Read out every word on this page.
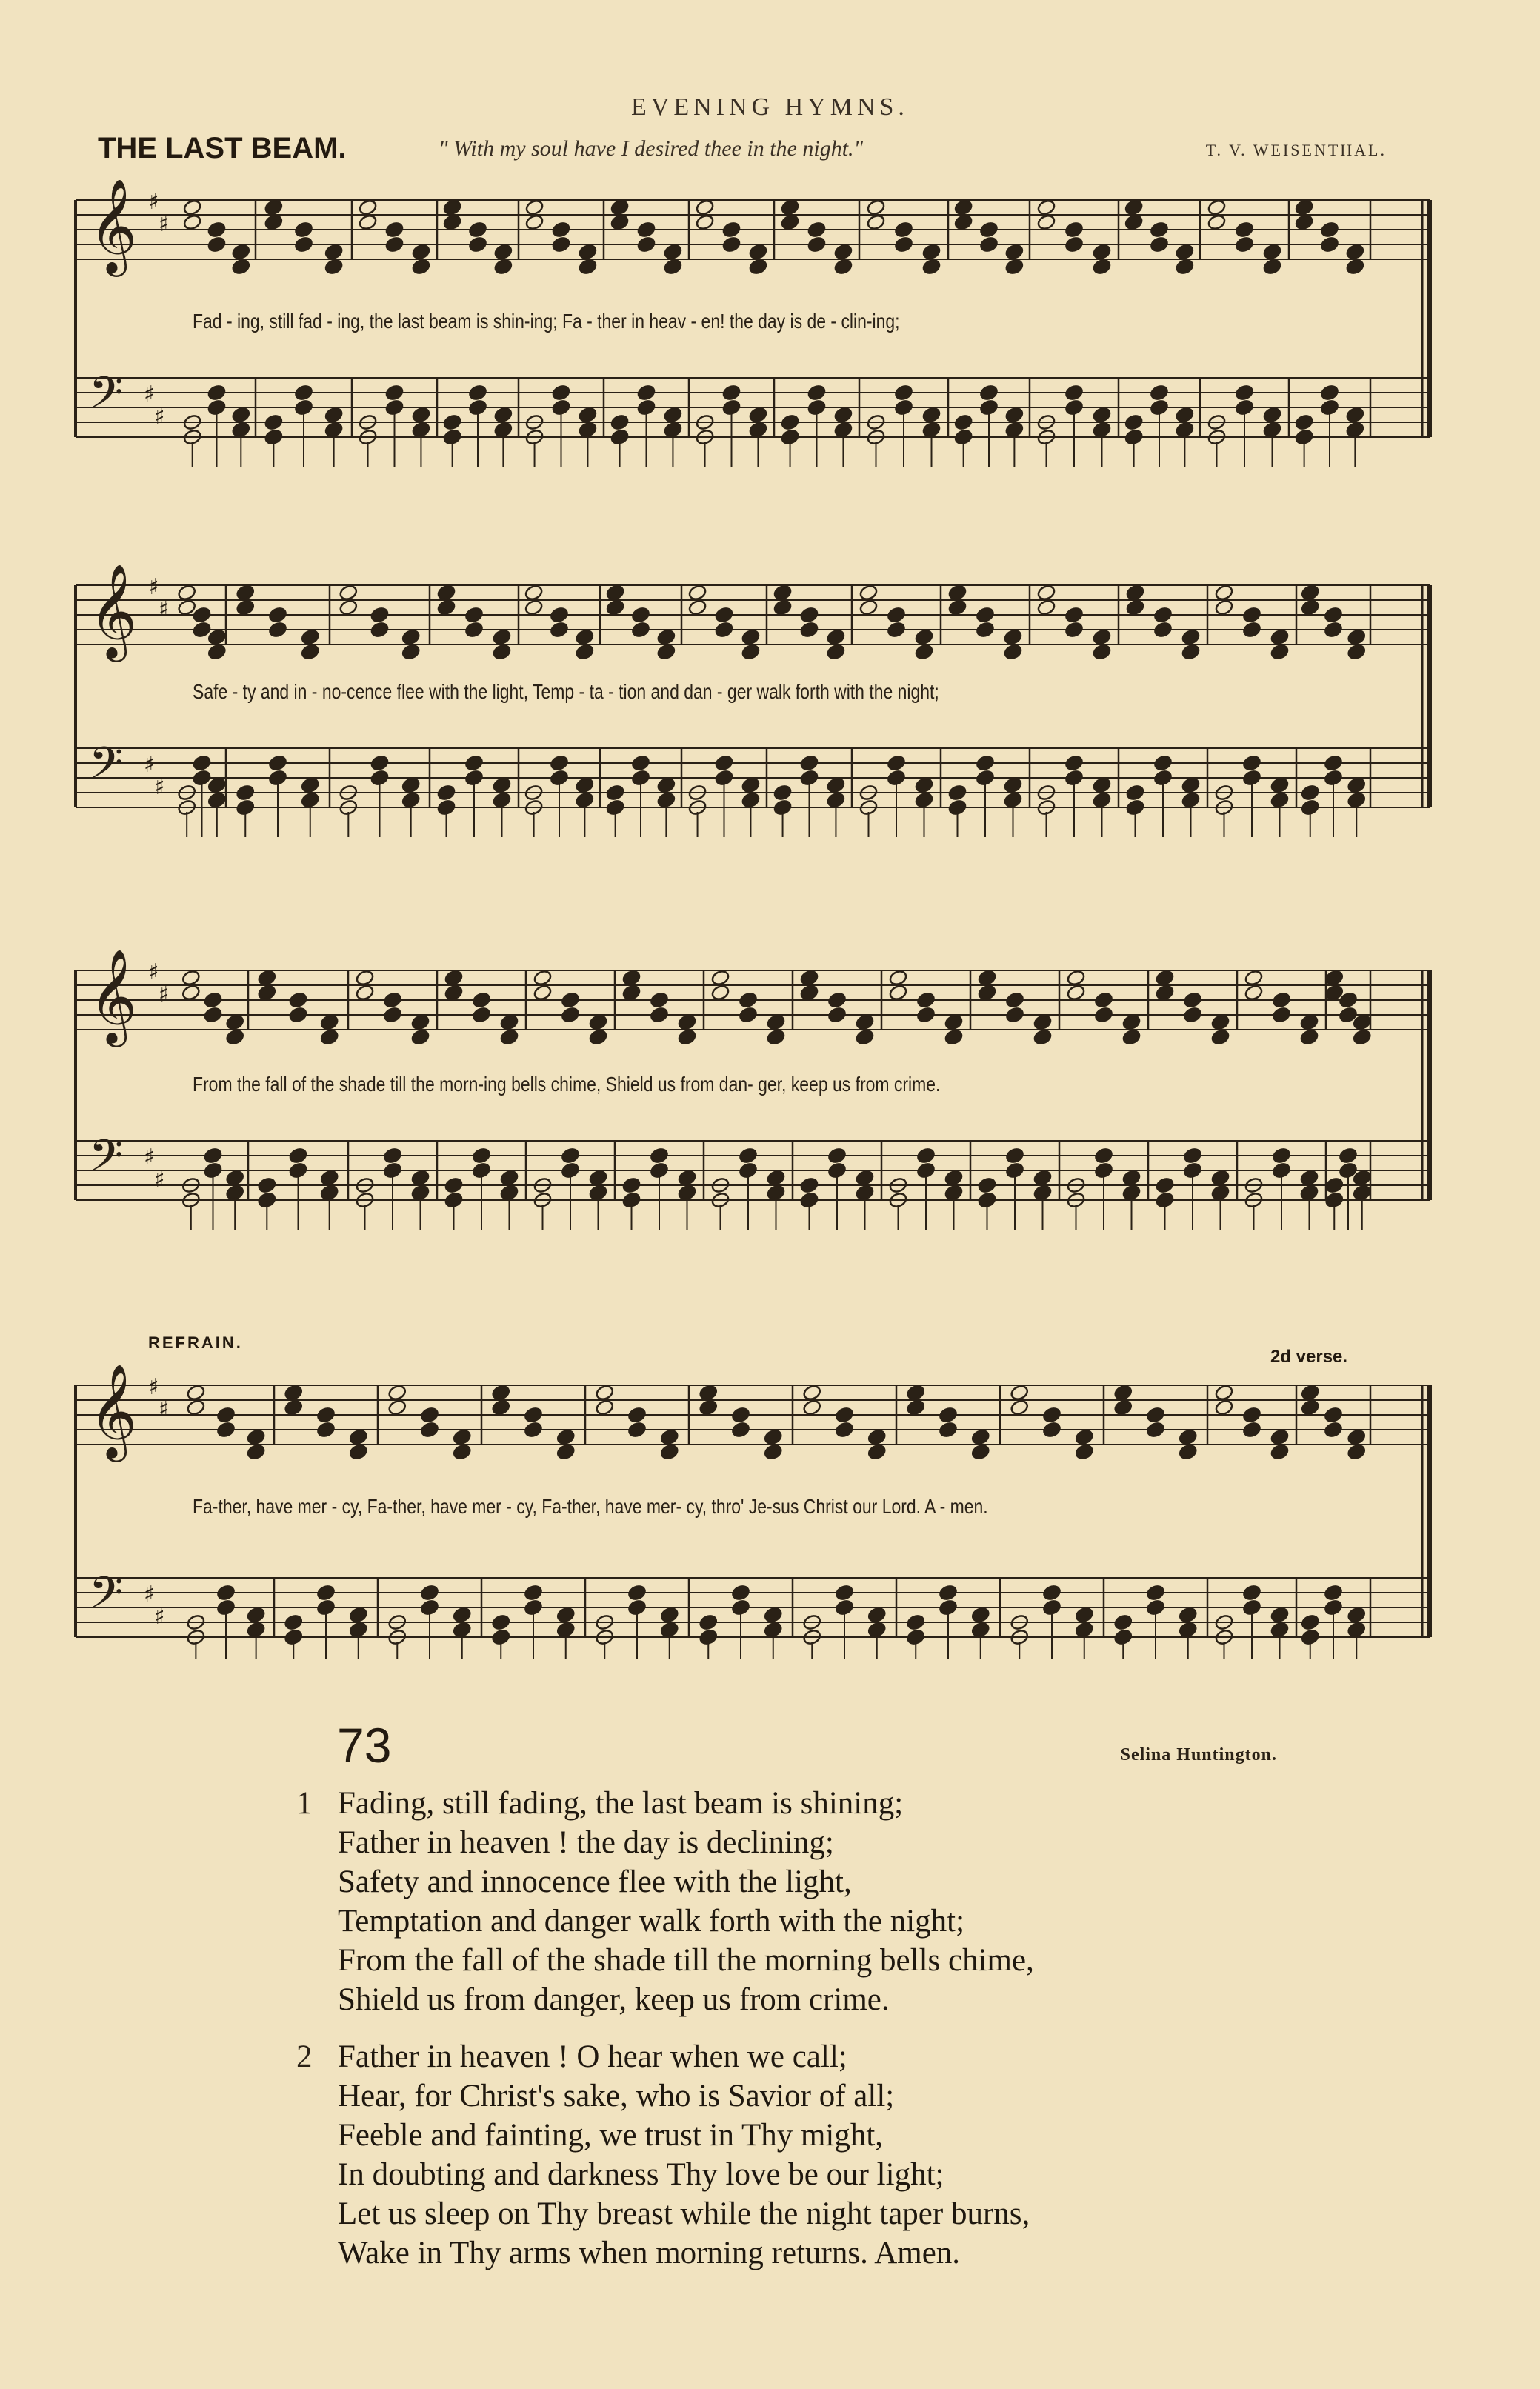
EVENING HYMNS.
THE LAST BEAM.	" With my soul have I desired thee in the night."	T. V. WEISENTHAL.
𝄞 ♯
♯
𝄢 ♯
♯
Fad - ing, still fad - ing, the last beam is shin-ing; Fa - ther in heav - en! the day is de - clin-ing;
𝄞 ♯
♯
𝄢 ♯
♯
Safe - ty and in - no-cence flee with the light, Temp - ta - tion and dan - ger walk forth with the night;
𝄞 ♯
♯
𝄢 ♯
♯
From the fall of the shade till the morn-ing bells chime, Shield us from dan- ger, keep us from crime.
𝄞 ♯
♯
𝄢 ♯
♯
REFRAIN.
2d verse.
Fa-ther, have mer - cy, Fa-ther, have mer - cy, Fa-ther, have mer- cy, thro' Je-sus Christ our Lord. A - men.
73	Selina Huntington.
1 Fading, still fading, the last beam is shining;
Father in heaven ! the day is declining;
Safety and innocence flee with the light,
Temptation and danger walk forth with the night;
From the fall of the shade till the morning bells chime,
Shield us from danger, keep us from crime.
2 Father in heaven ! O hear when we call;
Hear, for Christ's sake, who is Savior of all;
Feeble and fainting, we trust in Thy might,
In doubting and darkness Thy love be our light;
Let us sleep on Thy breast while the night taper burns,
Wake in Thy arms when morning returns. Amen.
